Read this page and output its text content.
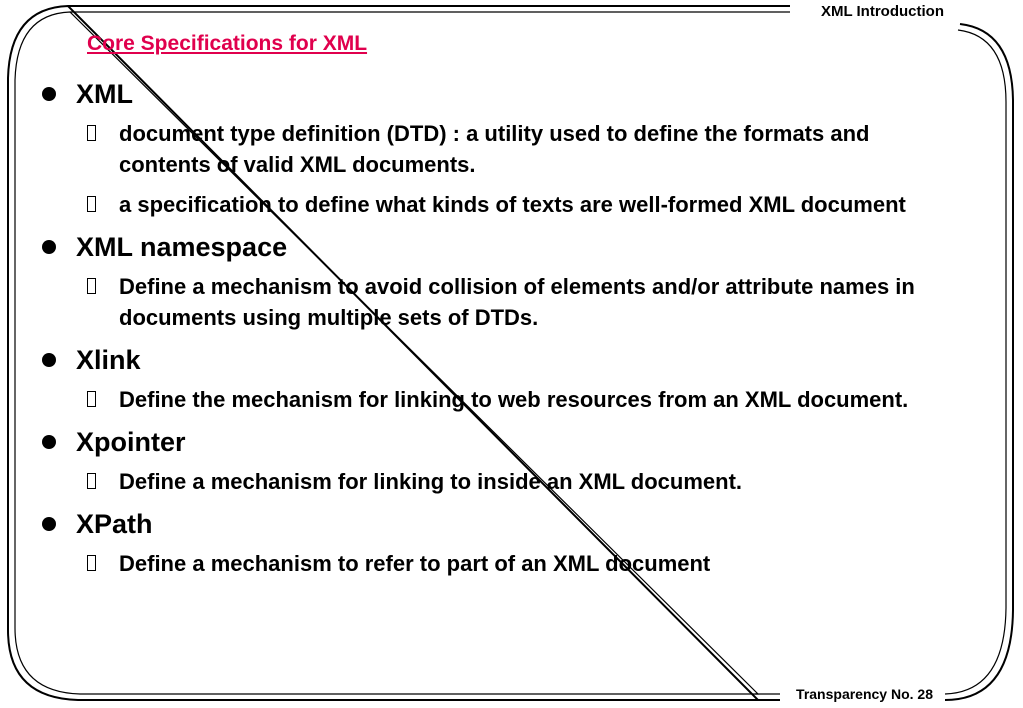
XML Introduction
Transparency No. 28
Core Specifications for XML
XML
document type definition (DTD) : a utility used to define the formats and contents of valid XML documents.
a specification to define what kinds of texts are well-formed XML document
XML namespace
Define a mechanism to avoid collision of elements and/or attribute names in documents using multiple sets of DTDs.
Xlink
Define the mechanism for linking to web resources from an XML document.
Xpointer
Define a mechanism for linking to inside an XML document.
XPath
Define a mechanism to refer to part of an XML document
